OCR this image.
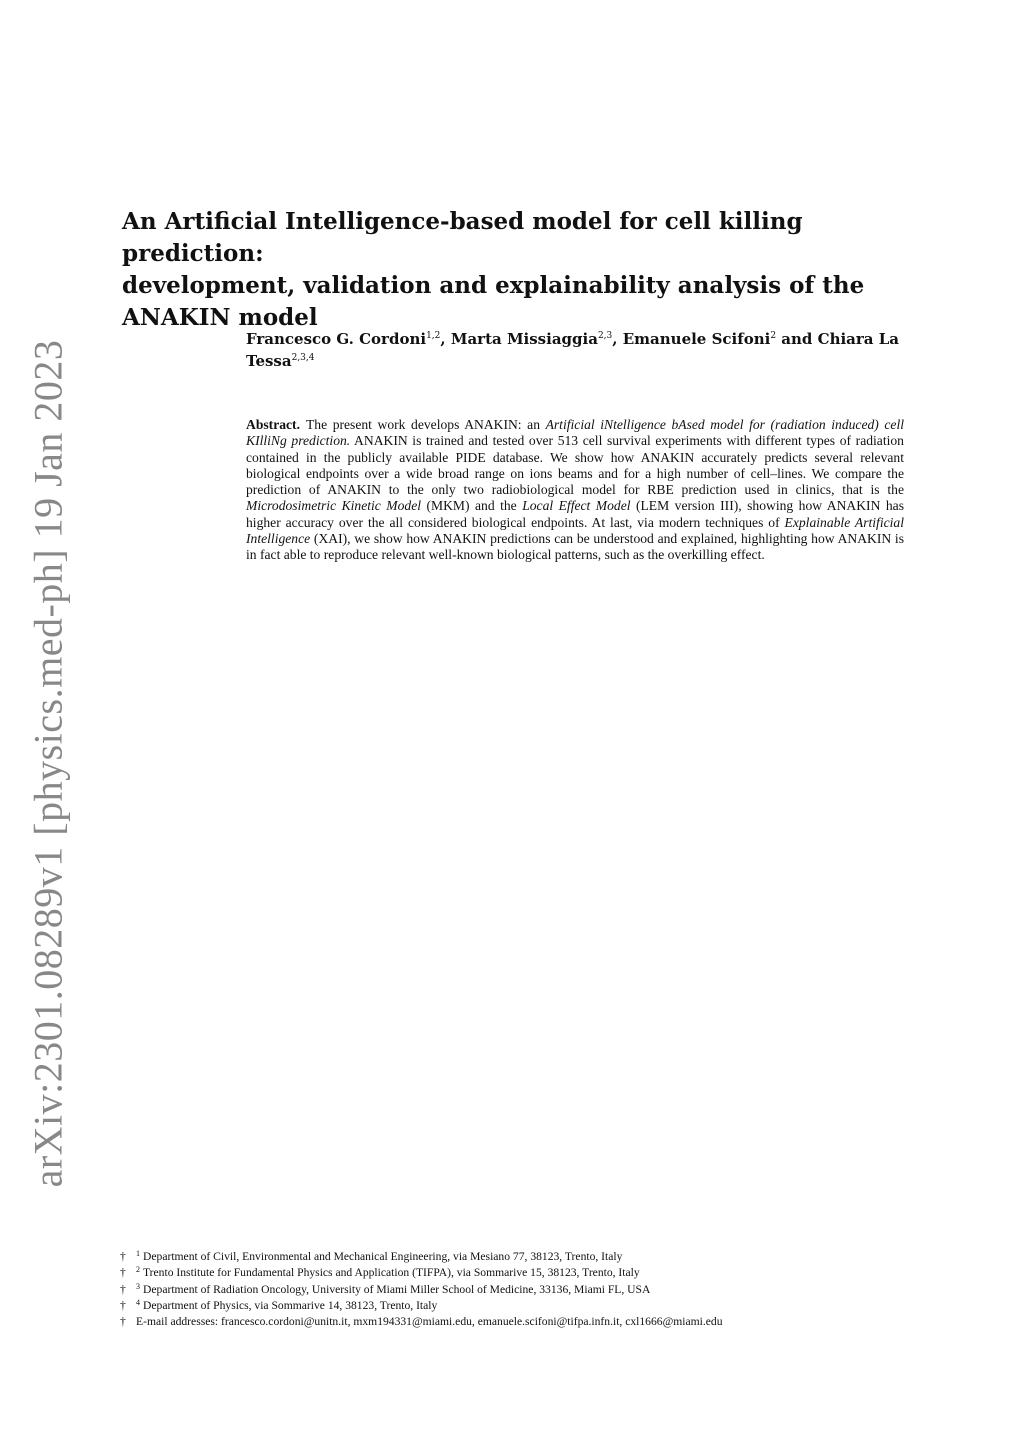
arXiv:2301.08289v1 [physics.med-ph] 19 Jan 2023
An Artificial Intelligence-based model for cell killing prediction:
development, validation and explainability analysis of the
ANAKIN model
Francesco G. Cordoni$^{1,2}$, Marta Missiaggia$^{2,3}$, Emanuele Scifoni$^2$ and Chiara La Tessa$^{2,3,4}$
Abstract. The present work develops ANAKIN: an Artificial iNtelligence bAsed model for (radiation induced) cell KIlliNg prediction. ANAKIN is trained and tested over 513 cell survival experiments with different types of radiation contained in the publicly available PIDE database. We show how ANAKIN accurately predicts several relevant biological endpoints over a wide broad range on ions beams and for a high number of cell–lines. We compare the prediction of ANAKIN to the only two radiobiological model for RBE prediction used in clinics, that is the Microdosimetric Kinetic Model (MKM) and the Local Effect Model (LEM version III), showing how ANAKIN has higher accuracy over the all considered biological endpoints. At last, via modern techniques of Explainable Artificial Intelligence (XAI), we show how ANAKIN predictions can be understood and explained, highlighting how ANAKIN is in fact able to reproduce relevant well-known biological patterns, such as the overkilling effect.
† $^1$ Department of Civil, Environmental and Mechanical Engineering, via Mesiano 77, 38123, Trento, Italy
† $^2$ Trento Institute for Fundamental Physics and Application (TIFPA), via Sommarive 15, 38123, Trento, Italy
† $^3$ Department of Radiation Oncology, University of Miami Miller School of Medicine, 33136, Miami FL, USA
† $^4$ Department of Physics, via Sommarive 14, 38123, Trento, Italy
† E-mail addresses: francesco.cordoni@unitn.it, mxm194331@miami.edu, emanuele.scifoni@tifpa.infn.it, cxl1666@miami.edu
